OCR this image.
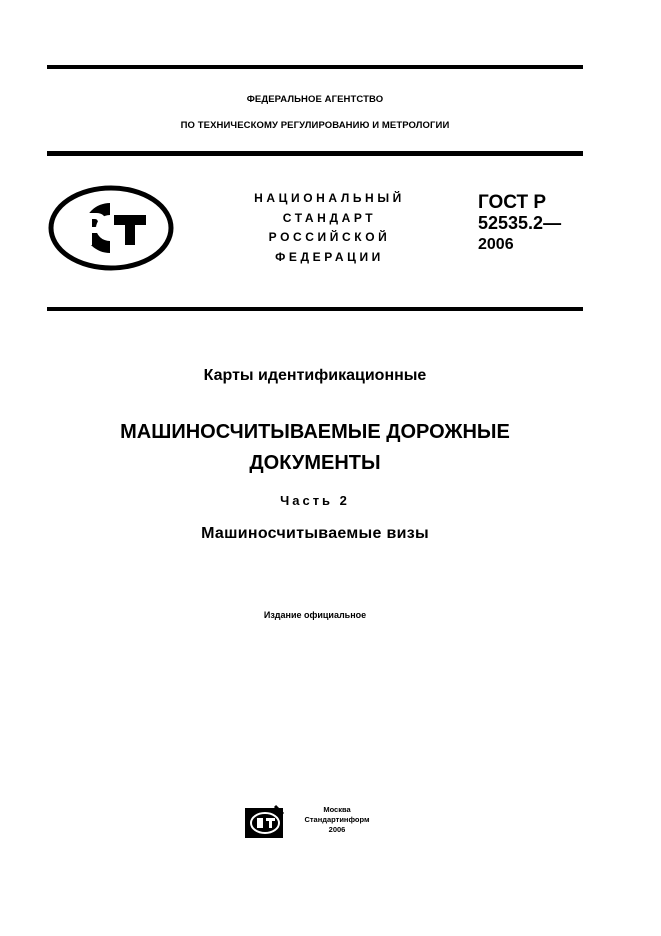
ФЕДЕРАЛЬНОЕ АГЕНТСТВО
ПО ТЕХНИЧЕСКОМУ РЕГУЛИРОВАНИЮ И МЕТРОЛОГИИ
НАЦИОНАЛЬНЫЙ
СТАНДАРТ
РОССИЙСКОЙ
ФЕДЕРАЦИИ
ГОСТ Р
52535.2—
2006
Карты идентификационные
МАШИНОСЧИТЫВАЕМЫЕ ДОРОЖНЫЕ
ДОКУМЕНТЫ
Часть 2
Машиносчитываемые визы
Издание официальное
Москва
Стандартинформ
2006
